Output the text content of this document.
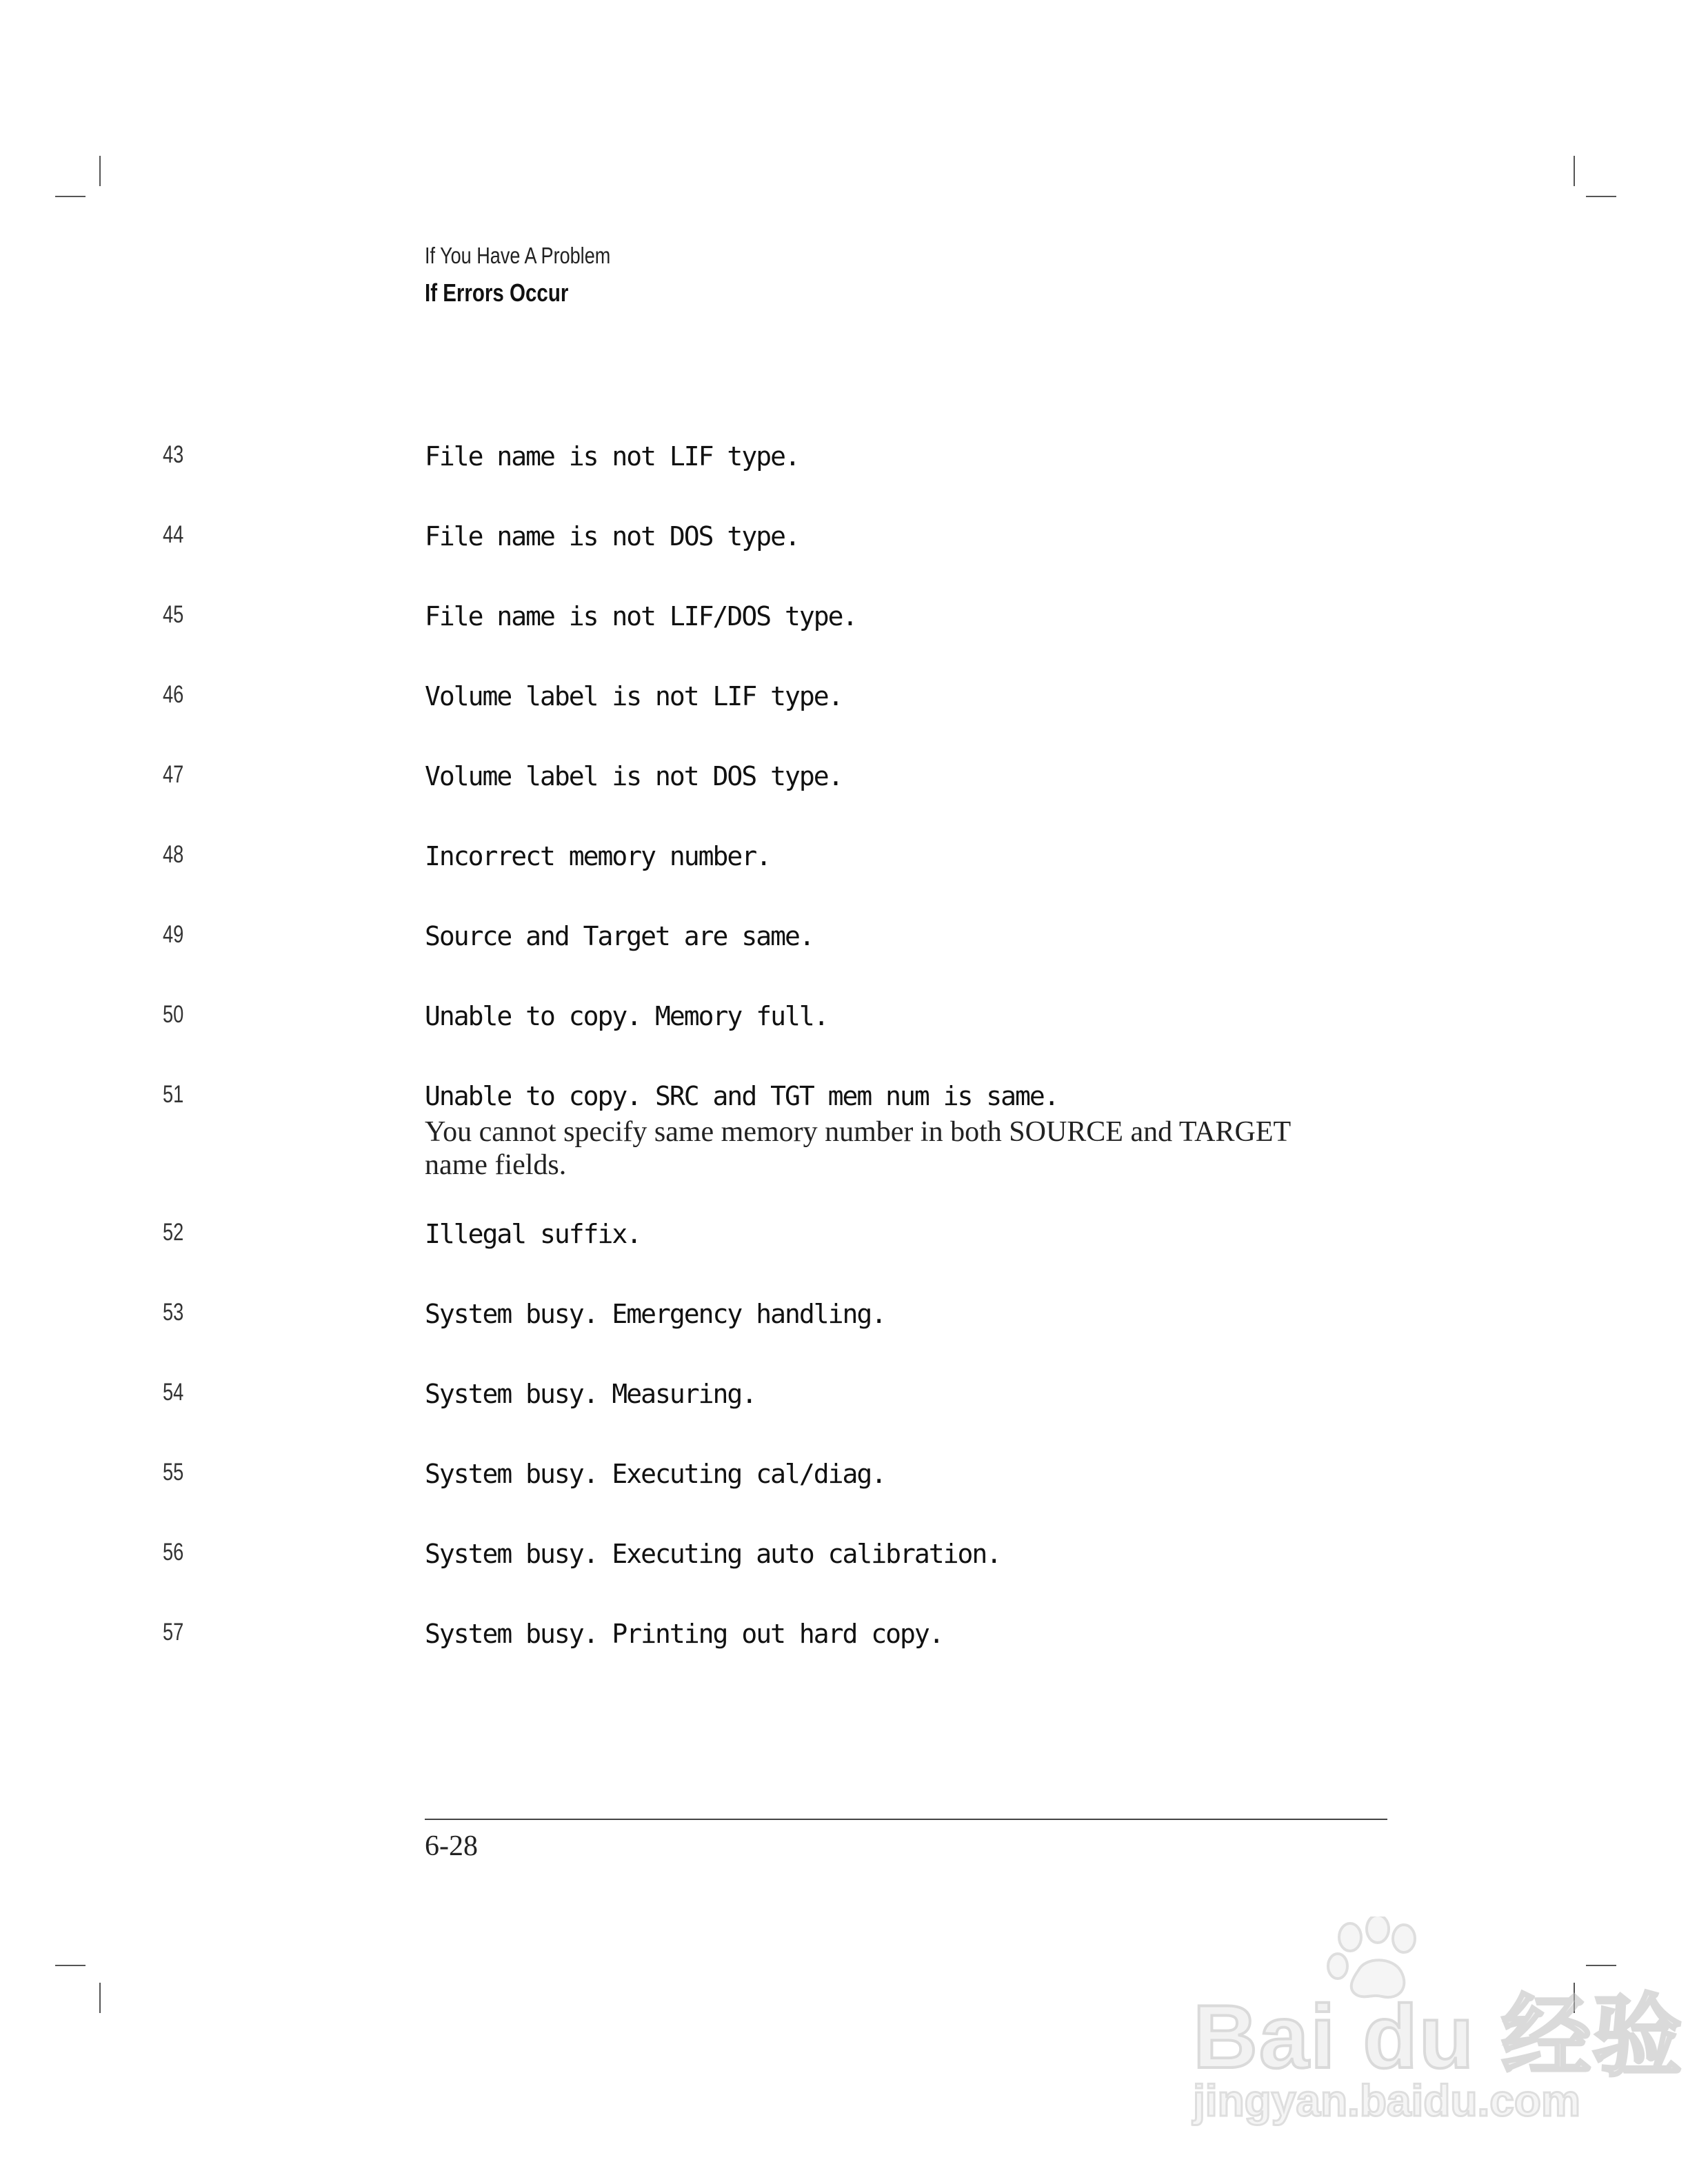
If You Have A Problem
If Errors Occur
43	File name is not LIF type.
44	File name is not DOS type.
45	File name is not LIF/DOS type.
46	Volume label is not LIF type.
47	Volume label is not DOS type.
48	Incorrect memory number.
49	Source and Target are same.
50	Unable to copy. Memory full.
51	Unable to copy. SRC and TGT mem num is same.
You cannot specify same memory number in both SOURCE and TARGET name fields.
52	Illegal suffix.
53	System busy. Emergency handling.
54	System busy. Measuring.
55	System busy. Executing cal/diag.
56	System busy. Executing auto calibration.
57	System busy. Printing out hard copy.
6-28
Bai du 经验
jingyan.baidu.com
